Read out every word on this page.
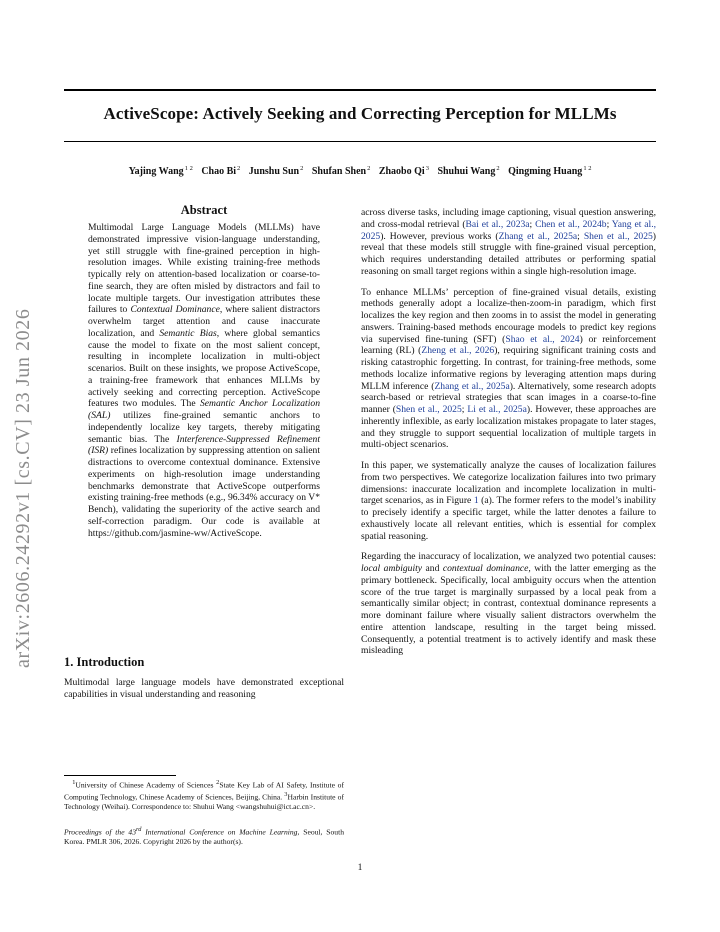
arXiv:2606.24292v1 [cs.CV] 23 Jun 2026
ActiveScope: Actively Seeking and Correcting Perception for MLLMs
Yajing Wang$^{1 2}$ Chao Bi$^2$ Junshu Sun$^2$ Shufan Shen$^2$ Zhaobo Qi$^3$ Shuhui Wang$^2$ Qingming Huang$^{1 2}$
Abstract

Multimodal Large Language Models (MLLMs) have demonstrated impressive vision-language understanding, yet still struggle with fine-grained perception in high-resolution images. While existing training-free methods typically rely on attention-based localization or coarse-to-fine search, they are often misled by distractors and fail to locate multiple targets. Our investigation attributes these failures to Contextual Dominance, where salient distractors overwhelm target attention and cause inaccurate localization, and Semantic Bias, where global semantics cause the model to fixate on the most salient concept, resulting in incomplete localization in multi-object scenarios. Built on these insights, we propose ActiveScope, a training-free framework that enhances MLLMs by actively seeking and correcting perception. ActiveScope features two modules. The Semantic Anchor Localization (SAL) utilizes fine-grained semantic anchors to independently localize key targets, thereby mitigating semantic bias. The Interference-Suppressed Refinement (ISR) refines localization by suppressing attention on salient distractions to overcome contextual dominance. Extensive experiments on high-resolution image understanding benchmarks demonstrate that ActiveScope outperforms existing training-free methods (e.g., 96.34% accuracy on V* Bench), validating the superiority of the active search and self-correction paradigm. Our code is available at https://github.com/jasmine-ww/ActiveScope.

1. Introduction

Multimodal large language models have demonstrated exceptional capabilities in visual understanding and reasoning

$^1$University of Chinese Academy of Sciences $^2$State Key Lab of AI Safety, Institute of Computing Technology, Chinese Academy of Sciences, Beijing, China. $^3$Harbin Institute of Technology (Weihai). Correspondence to: Shuhui Wang <wangshuhui@ict.ac.cn>.

Proceedings of the 43rd International Conference on Machine Learning, Seoul, South Korea. PMLR 306, 2026. Copyright 2026 by the author(s).

across diverse tasks, including image captioning, visual question answering, and cross-modal retrieval (Bai et al., 2023a; Chen et al., 2024b; Yang et al., 2025). However, previous works (Zhang et al., 2025a; Shen et al., 2025) reveal that these models still struggle with fine-grained visual perception, which requires understanding detailed attributes or performing spatial reasoning on small target regions within a single high-resolution image.

To enhance MLLMs’ perception of fine-grained visual details, existing methods generally adopt a localize-then-zoom-in paradigm, which first localizes the key region and then zooms in to assist the model in generating answers. Training-based methods encourage models to predict key regions via supervised fine-tuning (SFT) (Shao et al., 2024) or reinforcement learning (RL) (Zheng et al., 2026), requiring significant training costs and risking catastrophic forgetting. In contrast, for training-free methods, some methods localize informative regions by leveraging attention maps during MLLM inference (Zhang et al., 2025a). Alternatively, some research adopts search-based or retrieval strategies that scan images in a coarse-to-fine manner (Shen et al., 2025; Li et al., 2025a). However, these approaches are inherently inflexible, as early localization mistakes propagate to later stages, and they struggle to support sequential localization of multiple targets in multi-object scenarios.

In this paper, we systematically analyze the causes of localization failures from two perspectives. We categorize localization failures into two primary dimensions: inaccurate localization and incomplete localization in multi-target scenarios, as in Figure 1 (a). The former refers to the model’s inability to precisely identify a specific target, while the latter denotes a failure to exhaustively locate all relevant entities, which is essential for complex spatial reasoning.

Regarding the inaccuracy of localization, we analyzed two potential causes: local ambiguity and contextual dominance, with the latter emerging as the primary bottleneck. Specifically, local ambiguity occurs when the attention score of the true target is marginally surpassed by a local peak from a semantically similar object; in contrast, contextual dominance represents a more dominant failure where visually salient distractors overwhelm the entire attention landscape, resulting in the target being missed. Consequently, a potential treatment is to actively identify and mask these misleading

1
